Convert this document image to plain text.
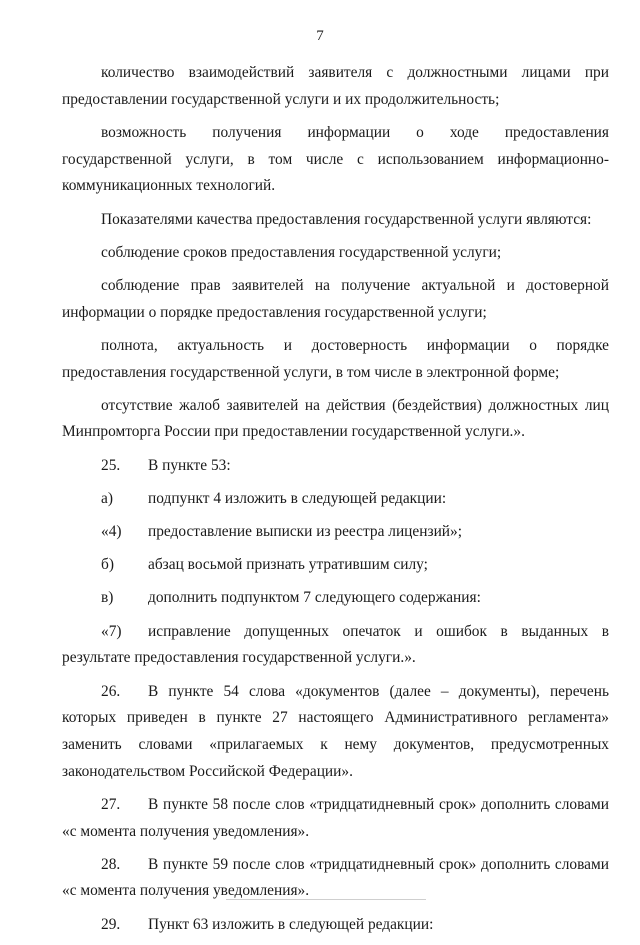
7

количество взаимодействий заявителя с должностными лицами при предоставлении государственной услуги и их продолжительность;

возможность получения информации о ходе предоставления государственной услуги, в том числе с использованием информационно-коммуникационных технологий.

Показателями качества предоставления государственной услуги являются:

соблюдение сроков предоставления государственной услуги;

соблюдение прав заявителей на получение актуальной и достоверной информации о порядке предоставления государственной услуги;

полнота, актуальность и достоверность информации о порядке предоставления государственной услуги, в том числе в электронной форме;

отсутствие жалоб заявителей на действия (бездействия) должностных лиц Минпромторга России при предоставлении государственной услуги.».

25. В пункте 53:

а) подпункт 4 изложить в следующей редакции:

«4) предоставление выписки из реестра лицензий»;

б) абзац восьмой признать утратившим силу;

в) дополнить подпунктом 7 следующего содержания:

«7) исправление допущенных опечаток и ошибок в выданных в результате предоставления государственной услуги.».

26. В пункте 54 слова «документов (далее – документы), перечень которых приведен в пункте 27 настоящего Административного регламента» заменить словами «прилагаемых к нему документов, предусмотренных законодательством Российской Федерации».

27. В пункте 58 после слов «тридцатидневный срок» дополнить словами «с момента получения уведомления».

28. В пункте 59 после слов «тридцатидневный срок» дополнить словами «с момента получения уведомления».

29. Пункт 63 изложить в следующей редакции:
